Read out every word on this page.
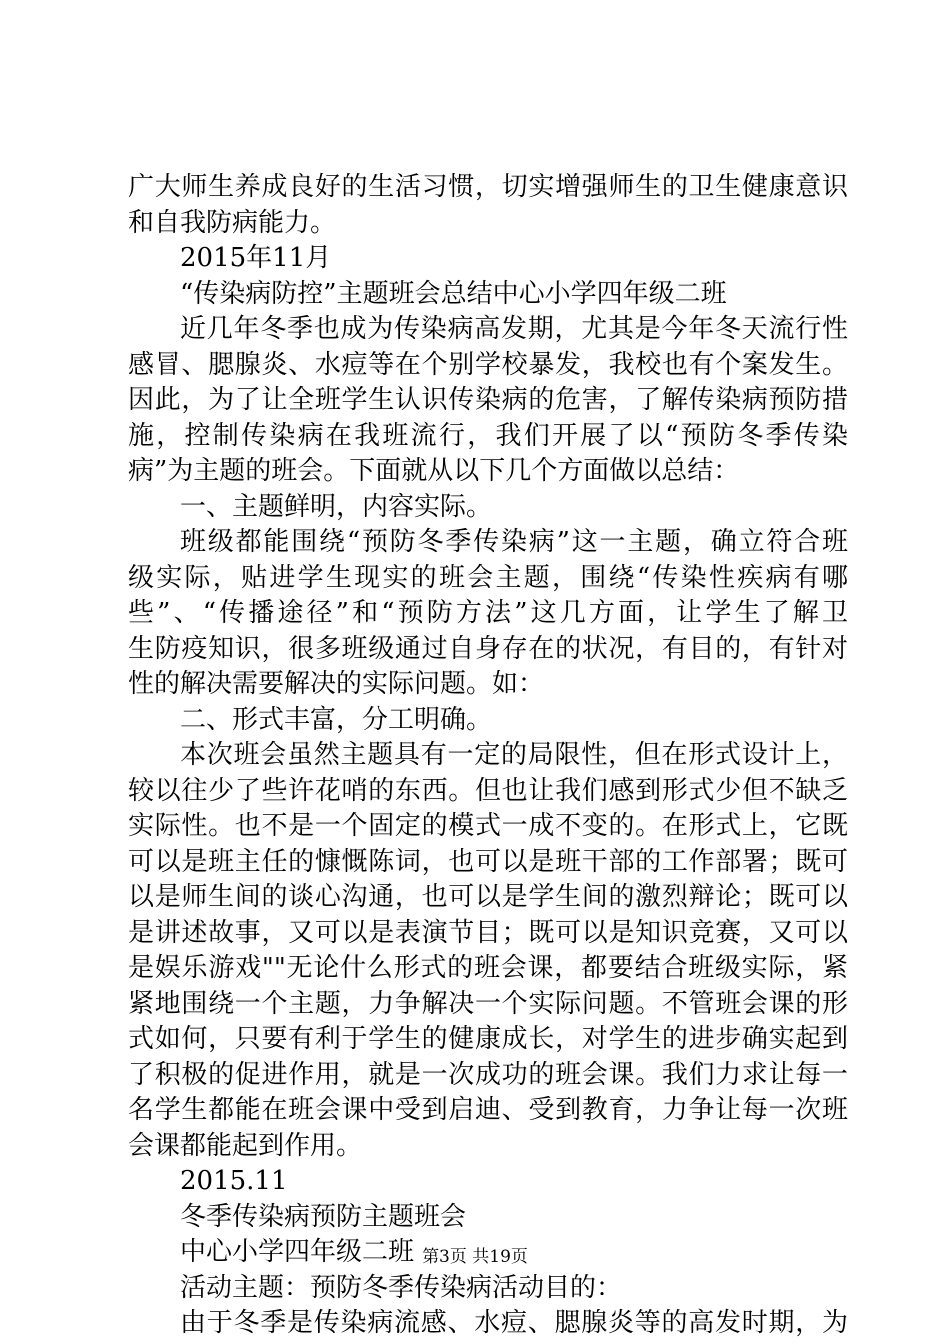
广大师生养成良好的生活习惯，切实增强师生的卫生健康意识
和自我防病能力。
2015年11月
“传染病防控”主题班会总结中心小学四年级二班
近几年冬季也成为传染病高发期，尤其是今年冬天流行性
感冒、腮腺炎、水痘等在个别学校暴发，我校也有个案发生。
因此，为了让全班学生认识传染病的危害，了解传染病预防措
施，控制传染病在我班流行，我们开展了以“预防冬季传染
病”为主题的班会。下面就从以下几个方面做以总结：
一、主题鲜明，内容实际。
班级都能围绕“预防冬季传染病”这一主题，确立符合班
级实际，贴进学生现实的班会主题，围绕“传染性疾病有哪
些”、“传播途径”和“预防方法”这几方面，让学生了解卫
生防疫知识，很多班级通过自身存在的状况，有目的，有针对
性的解决需要解决的实际问题。如：
二、形式丰富，分工明确。
本次班会虽然主题具有一定的局限性，但在形式设计上，
较以往少了些许花哨的东西。但也让我们感到形式少但不缺乏
实际性。也不是一个固定的模式一成不变的。在形式上，它既
可以是班主任的慷慨陈词，也可以是班干部的工作部署；既可
以是师生间的谈心沟通，也可以是学生间的激烈辩论；既可以
是讲述故事，又可以是表演节目；既可以是知识竞赛，又可以
是娱乐游戏""无论什么形式的班会课，都要结合班级实际，紧
紧地围绕一个主题，力争解决一个实际问题。不管班会课的形
式如何，只要有利于学生的健康成长，对学生的进步确实起到
了积极的促进作用，就是一次成功的班会课。我们力求让每一
名学生都能在班会课中受到启迪、受到教育，力争让每一次班
会课都能起到作用。
2015.11
冬季传染病预防主题班会
中心小学四年级二班
活动主题：预防冬季传染病活动目的：
由于冬季是传染病流感、水痘、腮腺炎等的高发时期，为
第3页 共19页
